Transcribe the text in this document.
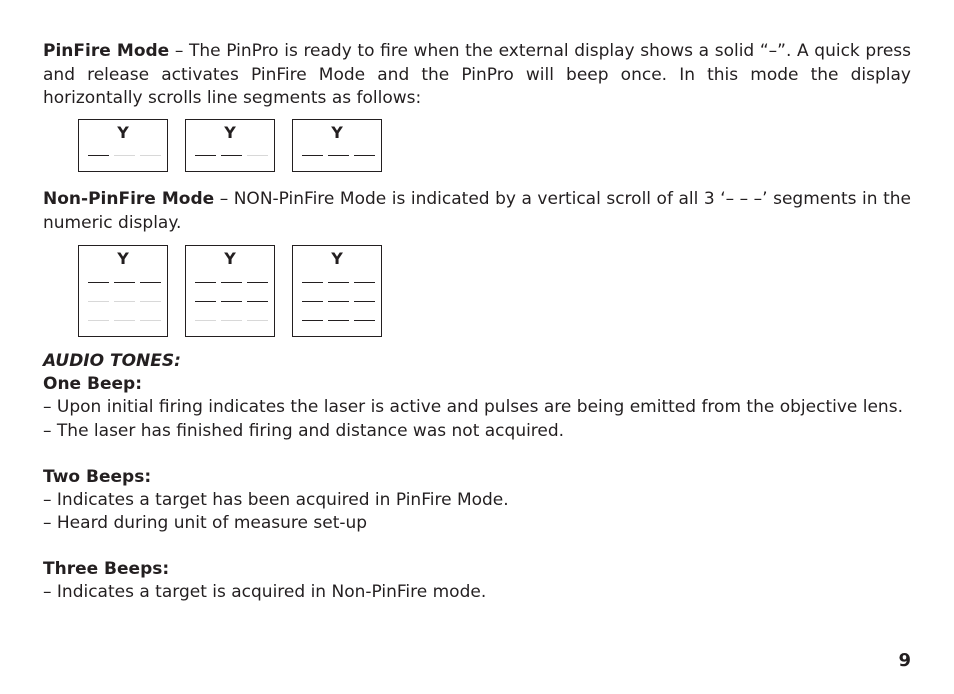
PinFire Mode – The PinPro is ready to fire when the external display shows a solid “–”. A quick press and release activates PinFire Mode and the PinPro will beep once. In this mode the display horizontally scrolls line segments as follows:

Y	Y	Y

Non-PinFire Mode – NON-PinFire Mode is indicated by a vertical scroll of all 3 ‘– – –’ segments in the numeric display.

Y	Y	Y

AUDIO TONES:

One Beep:

– Upon initial firing indicates the laser is active and pulses are being emitted from the objective lens.

– The laser has finished firing and distance was not acquired.

Two Beeps:

– Indicates a target has been acquired in PinFire Mode.

– Heard during unit of measure set-up

Three Beeps:

– Indicates a target is acquired in Non-PinFire mode.

9
